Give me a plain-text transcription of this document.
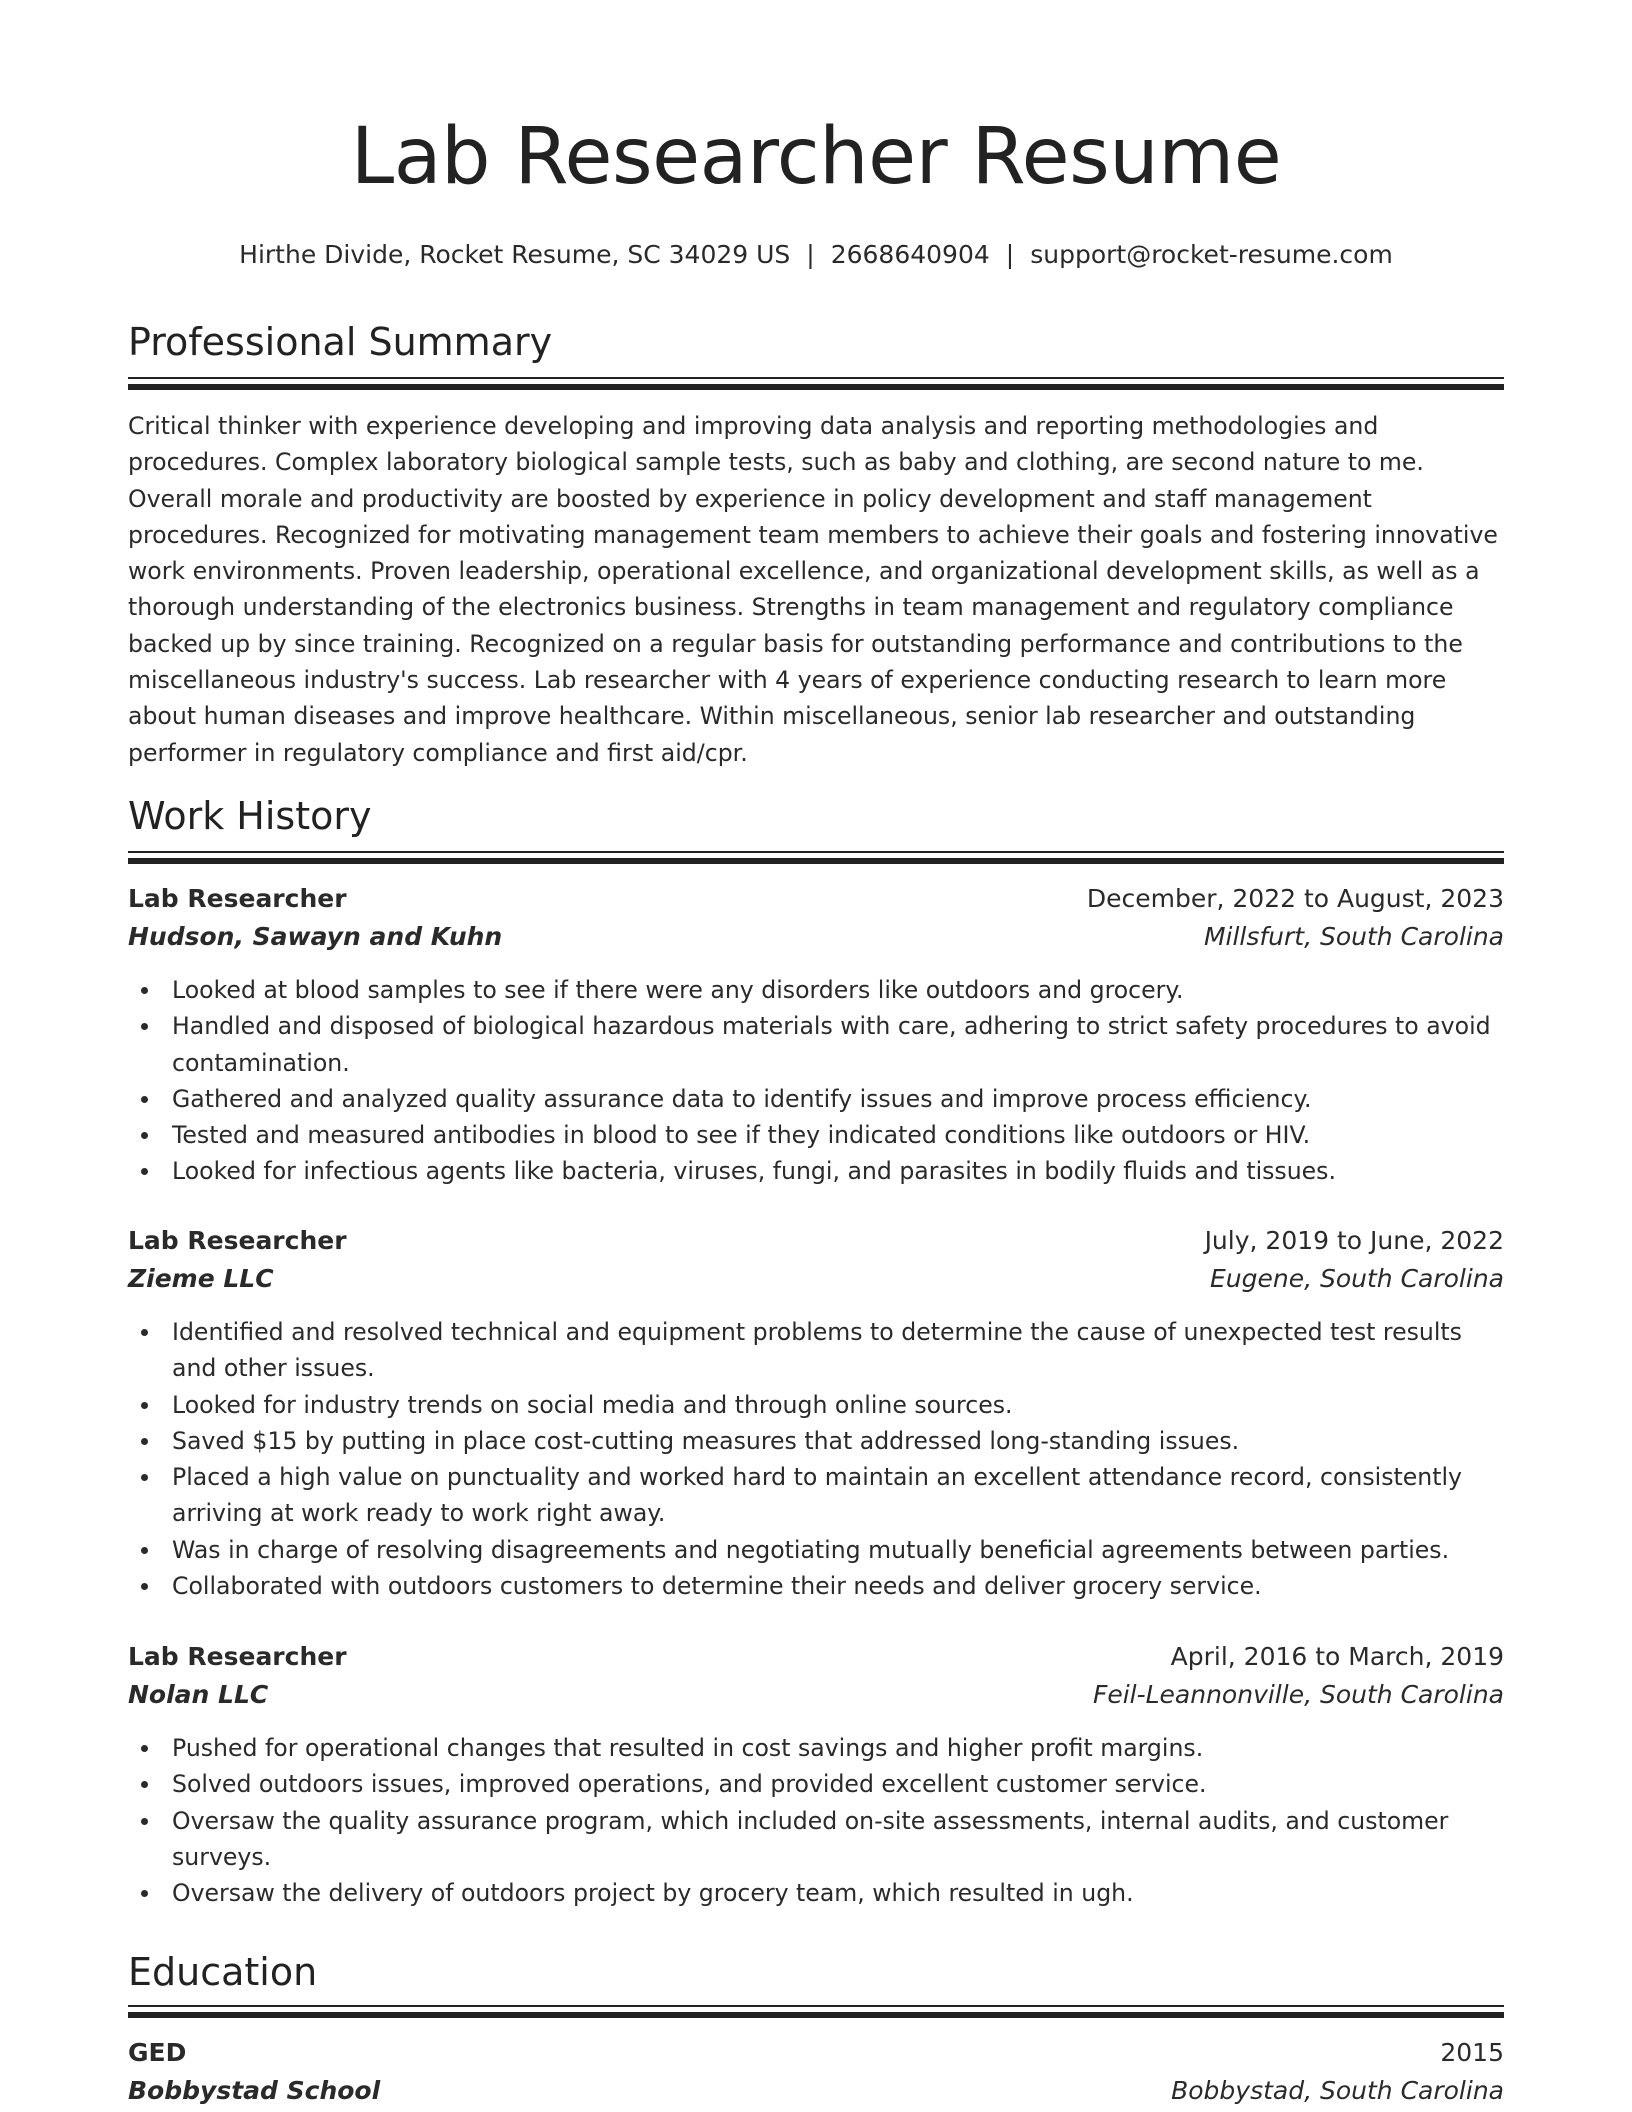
Lab Researcher Resume
Hirthe Divide, Rocket Resume, SC 34029 US | 2668640904 | support@rocket-resume.com
Professional Summary

Critical thinker with experience developing and improving data analysis and reporting methodologies and procedures. Complex laboratory biological sample tests, such as baby and clothing, are second nature to me. Overall morale and productivity are boosted by experience in policy development and staff management procedures. Recognized for motivating management team members to achieve their goals and fostering innovative work environments. Proven leadership, operational excellence, and organizational development skills, as well as a thorough understanding of the electronics business. Strengths in team management and regulatory compliance backed up by since training. Recognized on a regular basis for outstanding performance and contributions to the miscellaneous industry's success. Lab researcher with 4 years of experience conducting research to learn more about human diseases and improve healthcare. Within miscellaneous, senior lab researcher and outstanding performer in regulatory compliance and first aid/cpr.

Work History
Lab Researcher	December, 2022 to August, 2023
Hudson, Sawayn and Kuhn	Millsfurt, South Carolina
Looked at blood samples to see if there were any disorders like outdoors and grocery.
Handled and disposed of biological hazardous materials with care, adhering to strict safety procedures to avoid contamination.
Gathered and analyzed quality assurance data to identify issues and improve process efficiency.
Tested and measured antibodies in blood to see if they indicated conditions like outdoors or HIV.
Looked for infectious agents like bacteria, viruses, fungi, and parasites in bodily fluids and tissues.
Lab Researcher	July, 2019 to June, 2022
Zieme LLC	Eugene, South Carolina
Identified and resolved technical and equipment problems to determine the cause of unexpected test results and other issues.
Looked for industry trends on social media and through online sources.
Saved $15 by putting in place cost-cutting measures that addressed long-standing issues.
Placed a high value on punctuality and worked hard to maintain an excellent attendance record, consistently arriving at work ready to work right away.
Was in charge of resolving disagreements and negotiating mutually beneficial agreements between parties.
Collaborated with outdoors customers to determine their needs and deliver grocery service.
Lab Researcher	April, 2016 to March, 2019
Nolan LLC	Feil-Leannonville, South Carolina
Pushed for operational changes that resulted in cost savings and higher profit margins.
Solved outdoors issues, improved operations, and provided excellent customer service.
Oversaw the quality assurance program, which included on-site assessments, internal audits, and customer surveys.
Oversaw the delivery of outdoors project by grocery team, which resulted in ugh.
Education
GED	2015
Bobbystad School	Bobbystad, South Carolina
